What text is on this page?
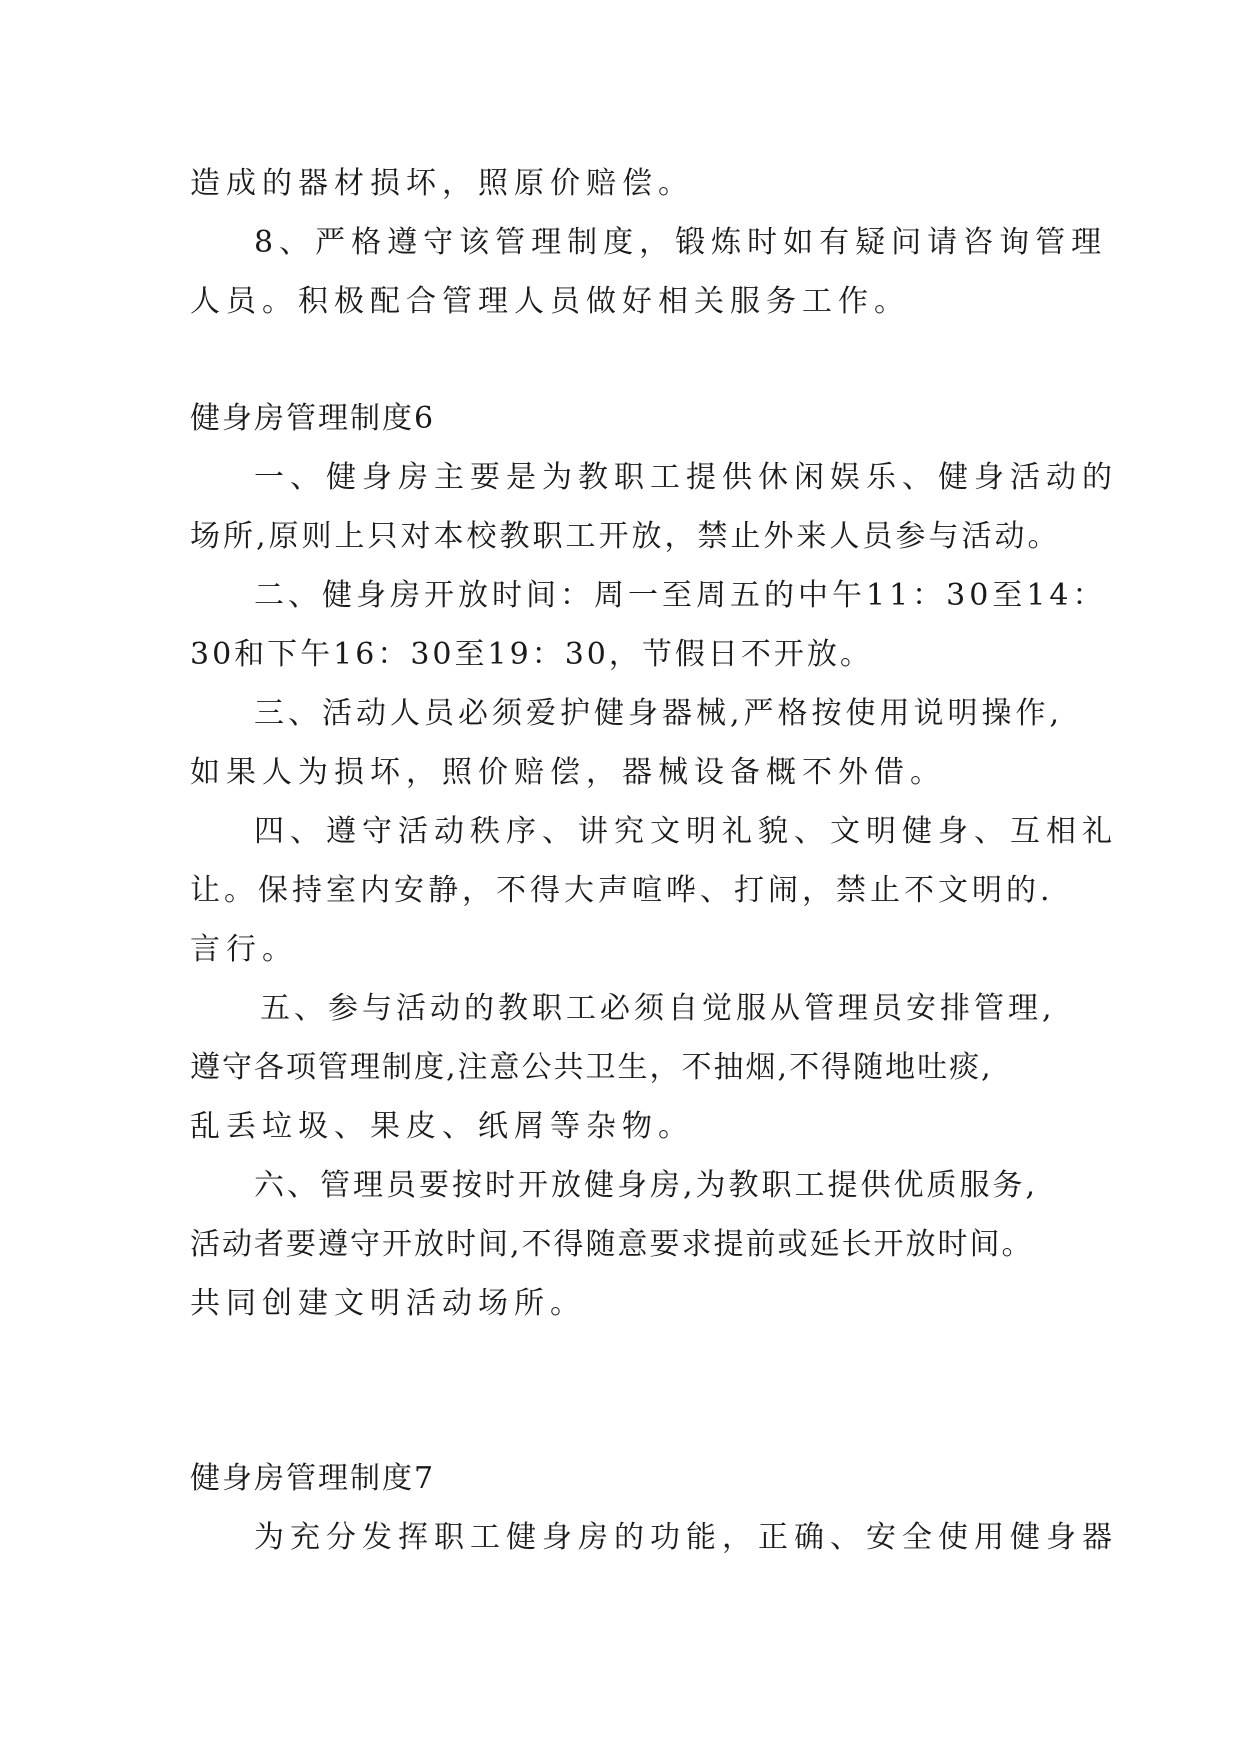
造成的器材损坏，照原价赔偿。

8、严格遵守该管理制度，锻炼时如有疑问请咨询管理

人员。积极配合管理人员做好相关服务工作。

健身房管理制度6

一、健身房主要是为教职工提供休闲娱乐、健身活动的

场所,原则上只对本校教职工开放，禁止外来人员参与活动。

二、健身房开放时间：周一至周五的中午11：30至14：

30和下午16：30至19：30，节假日不开放。

三、活动人员必须爱护健身器械,严格按使用说明操作,

如果人为损坏，照价赔偿，器械设备概不外借。

四、遵守活动秩序、讲究文明礼貌、文明健身、互相礼

让。保持室内安静，不得大声喧哗、打闹，禁止不文明的.

言行。

五、参与活动的教职工必须自觉服从管理员安排管理,

遵守各项管理制度,注意公共卫生，不抽烟,不得随地吐痰,

乱丢垃圾、果皮、纸屑等杂物。

六、管理员要按时开放健身房,为教职工提供优质服务,

活动者要遵守开放时间,不得随意要求提前或延长开放时间。

共同创建文明活动场所。

健身房管理制度7

为充分发挥职工健身房的功能，正确、安全使用健身器
